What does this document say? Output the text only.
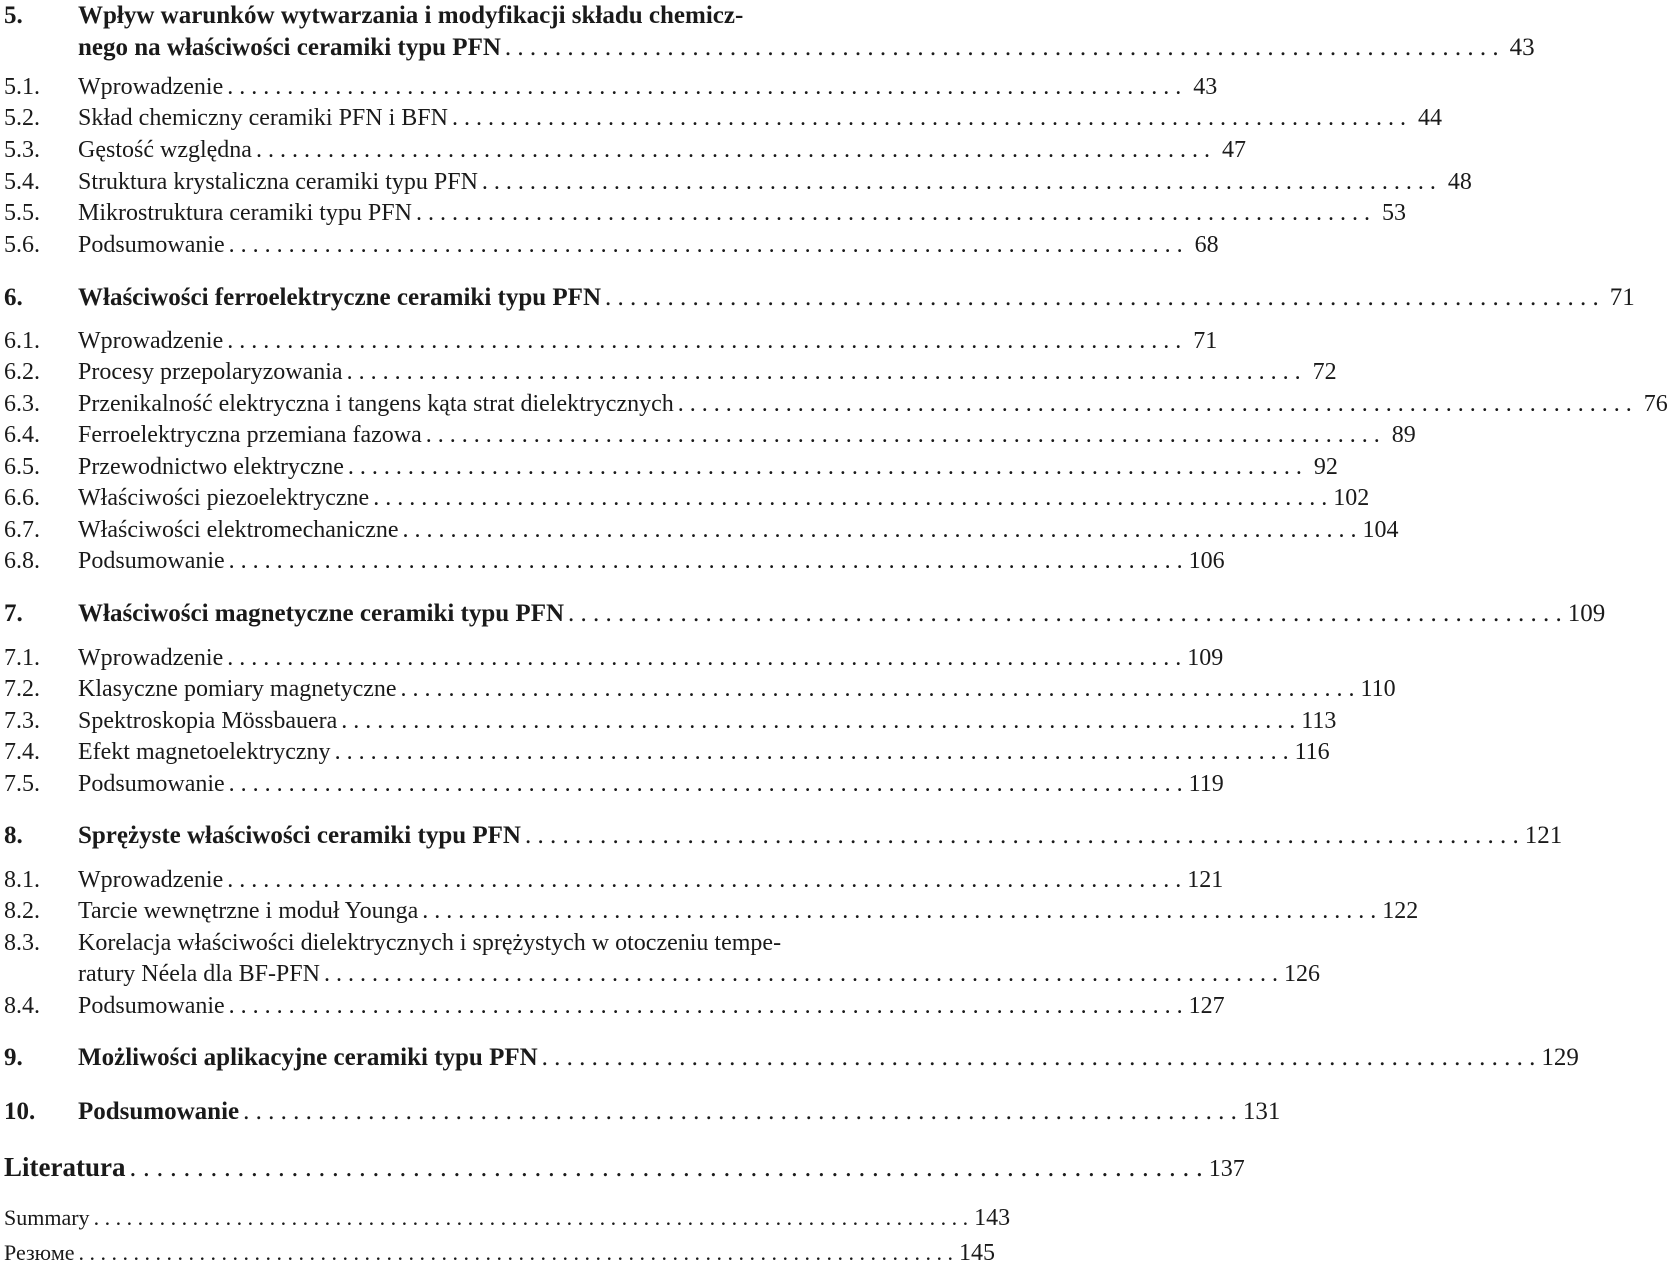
5.	Wpływ warunków wytwarzania i modyfikacji składu chemicz-
nego na właściwości ceramiki typu PFN . . . . . . . . . . . . . . . . . . . . . . . . . . . . . . . . . . . . . . . . . . . . . . . . . . . . . . . . . . . . . . . . . . . . . . . . . . . . . . . . 43
5.1.	Wprowadzenie . . . . . . . . . . . . . . . . . . . . . . . . . . . . . . . . . . . . . . . . . . . . . . . . . . . . . . . . . . . . . . . . . . . . . . . . . . . . . . . . 43
5.2.	Skład chemiczny ceramiki PFN i BFN . . . . . . . . . . . . . . . . . . . . . . . . . . . . . . . . . . . . . . . . . . . . . . . . . . . . . . . . . . . . . . . . . . . . . . . . . . . . . . . . 44
5.3.	Gęstość względna . . . . . . . . . . . . . . . . . . . . . . . . . . . . . . . . . . . . . . . . . . . . . . . . . . . . . . . . . . . . . . . . . . . . . . . . . . . . . . . . 47
5.4.	Struktura krystaliczna ceramiki typu PFN . . . . . . . . . . . . . . . . . . . . . . . . . . . . . . . . . . . . . . . . . . . . . . . . . . . . . . . . . . . . . . . . . . . . . . . . . . . . . . . . 48
5.5.	Mikrostruktura ceramiki typu PFN . . . . . . . . . . . . . . . . . . . . . . . . . . . . . . . . . . . . . . . . . . . . . . . . . . . . . . . . . . . . . . . . . . . . . . . . . . . . . . . . 53
5.6.	Podsumowanie . . . . . . . . . . . . . . . . . . . . . . . . . . . . . . . . . . . . . . . . . . . . . . . . . . . . . . . . . . . . . . . . . . . . . . . . . . . . . . . . 68
6.	Właściwości ferroelektryczne ceramiki typu PFN . . . . . . . . . . . . . . . . . . . . . . . . . . . . . . . . . . . . . . . . . . . . . . . . . . . . . . . . . . . . . . . . . . . . . . . . . . . . . . . . 71
6.1.	Wprowadzenie . . . . . . . . . . . . . . . . . . . . . . . . . . . . . . . . . . . . . . . . . . . . . . . . . . . . . . . . . . . . . . . . . . . . . . . . . . . . . . . . 71
6.2.	Procesy przepolaryzowania . . . . . . . . . . . . . . . . . . . . . . . . . . . . . . . . . . . . . . . . . . . . . . . . . . . . . . . . . . . . . . . . . . . . . . . . . . . . . . . . 72
6.3.	Przenikalność elektryczna i tangens kąta strat dielektrycznych . . . . . . . . . . . . . . . . . . . . . . . . . . . . . . . . . . . . . . . . . . . . . . . . . . . . . . . . . . . . . . . . . . . . . . . . . . . . . . . . 76
6.4.	Ferroelektryczna przemiana fazowa . . . . . . . . . . . . . . . . . . . . . . . . . . . . . . . . . . . . . . . . . . . . . . . . . . . . . . . . . . . . . . . . . . . . . . . . . . . . . . . . 89
6.5.	Przewodnictwo elektryczne . . . . . . . . . . . . . . . . . . . . . . . . . . . . . . . . . . . . . . . . . . . . . . . . . . . . . . . . . . . . . . . . . . . . . . . . . . . . . . . . 92
6.6.	Właściwości piezoelektryczne . . . . . . . . . . . . . . . . . . . . . . . . . . . . . . . . . . . . . . . . . . . . . . . . . . . . . . . . . . . . . . . . . . . . . . . . . . . . . . . . 102
6.7.	Właściwości elektromechaniczne . . . . . . . . . . . . . . . . . . . . . . . . . . . . . . . . . . . . . . . . . . . . . . . . . . . . . . . . . . . . . . . . . . . . . . . . . . . . . . . . 104
6.8.	Podsumowanie . . . . . . . . . . . . . . . . . . . . . . . . . . . . . . . . . . . . . . . . . . . . . . . . . . . . . . . . . . . . . . . . . . . . . . . . . . . . . . . . 106
7.	Właściwości magnetyczne ceramiki typu PFN . . . . . . . . . . . . . . . . . . . . . . . . . . . . . . . . . . . . . . . . . . . . . . . . . . . . . . . . . . . . . . . . . . . . . . . . . . . . . . . . 109
7.1.	Wprowadzenie . . . . . . . . . . . . . . . . . . . . . . . . . . . . . . . . . . . . . . . . . . . . . . . . . . . . . . . . . . . . . . . . . . . . . . . . . . . . . . . . 109
7.2.	Klasyczne pomiary magnetyczne . . . . . . . . . . . . . . . . . . . . . . . . . . . . . . . . . . . . . . . . . . . . . . . . . . . . . . . . . . . . . . . . . . . . . . . . . . . . . . . . 110
7.3.	Spektroskopia Mössbauera . . . . . . . . . . . . . . . . . . . . . . . . . . . . . . . . . . . . . . . . . . . . . . . . . . . . . . . . . . . . . . . . . . . . . . . . . . . . . . . . 113
7.4.	Efekt magnetoelektryczny . . . . . . . . . . . . . . . . . . . . . . . . . . . . . . . . . . . . . . . . . . . . . . . . . . . . . . . . . . . . . . . . . . . . . . . . . . . . . . . . 116
7.5.	Podsumowanie . . . . . . . . . . . . . . . . . . . . . . . . . . . . . . . . . . . . . . . . . . . . . . . . . . . . . . . . . . . . . . . . . . . . . . . . . . . . . . . . 119
8.	Sprężyste właściwości ceramiki typu PFN . . . . . . . . . . . . . . . . . . . . . . . . . . . . . . . . . . . . . . . . . . . . . . . . . . . . . . . . . . . . . . . . . . . . . . . . . . . . . . . . 121
8.1.	Wprowadzenie . . . . . . . . . . . . . . . . . . . . . . . . . . . . . . . . . . . . . . . . . . . . . . . . . . . . . . . . . . . . . . . . . . . . . . . . . . . . . . . . 121
8.2.	Tarcie wewnętrzne i moduł Younga . . . . . . . . . . . . . . . . . . . . . . . . . . . . . . . . . . . . . . . . . . . . . . . . . . . . . . . . . . . . . . . . . . . . . . . . . . . . . . . . 122
8.3.	Korelacja właściwości dielektrycznych i sprężystych w otoczeniu tempe-
ratury Néela dla BF-PFN . . . . . . . . . . . . . . . . . . . . . . . . . . . . . . . . . . . . . . . . . . . . . . . . . . . . . . . . . . . . . . . . . . . . . . . . . . . . . . . . 126
8.4.	Podsumowanie . . . . . . . . . . . . . . . . . . . . . . . . . . . . . . . . . . . . . . . . . . . . . . . . . . . . . . . . . . . . . . . . . . . . . . . . . . . . . . . . 127
9.	Możliwości aplikacyjne ceramiki typu PFN . . . . . . . . . . . . . . . . . . . . . . . . . . . . . . . . . . . . . . . . . . . . . . . . . . . . . . . . . . . . . . . . . . . . . . . . . . . . . . . . 129
10.	Podsumowanie . . . . . . . . . . . . . . . . . . . . . . . . . . . . . . . . . . . . . . . . . . . . . . . . . . . . . . . . . . . . . . . . . . . . . . . . . . . . . . . . 131
Literatura . . . . . . . . . . . . . . . . . . . . . . . . . . . . . . . . . . . . . . . . . . . . . . . . . . . . . . . . . . . . . . . . . . . . . . . . . . . . . . . . 137
Summary . . . . . . . . . . . . . . . . . . . . . . . . . . . . . . . . . . . . . . . . . . . . . . . . . . . . . . . . . . . . . . . . . . . . . . . . . . . . . . . . 143
Резюме . . . . . . . . . . . . . . . . . . . . . . . . . . . . . . . . . . . . . . . . . . . . . . . . . . . . . . . . . . . . . . . . . . . . . . . . . . . . . . . . 145
